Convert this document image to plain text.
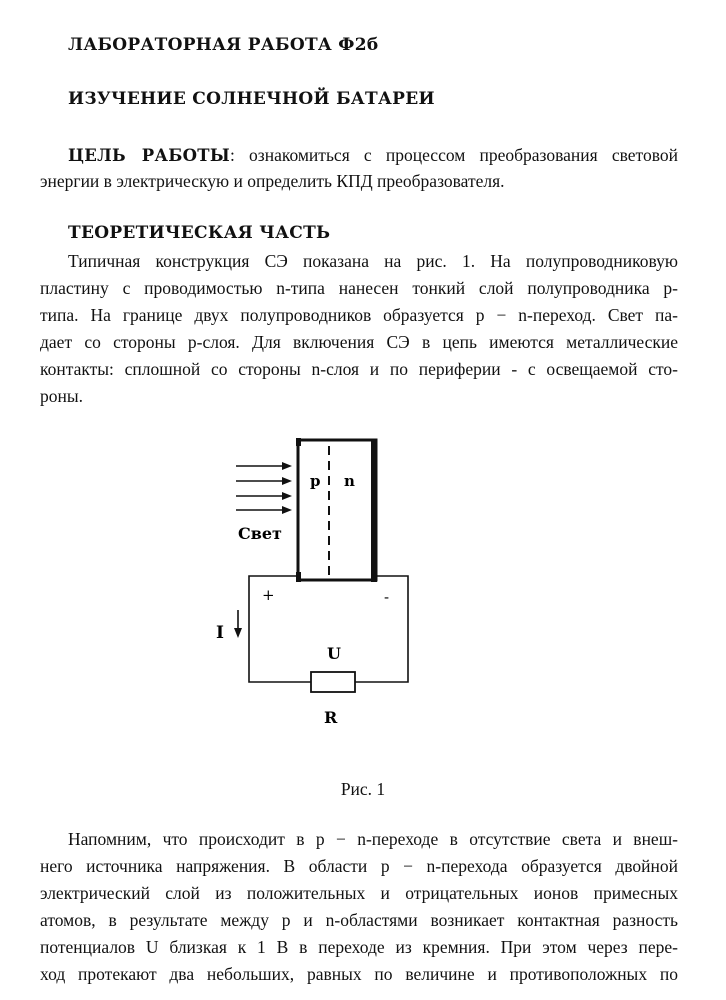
ЛАБОРАТОРНАЯ РАБОТА Ф2б
ИЗУЧЕНИЕ СОЛНЕЧНОЙ БАТАРЕИ

ЦЕЛЬ РАБОТЫ: ознакомиться с процессом преобразования световой

энергии в электрическую и определить КПД преобразователя.

ТЕОРЕТИЧЕСКАЯ ЧАСТЬ

Типичная конструкция СЭ показана на рис. 1. На полупроводниковую

пластину с проводимостью n-типа нанесен тонкий слой полупроводника p-

типа. На границе двух полупроводников образуется p − n-переход. Свет па-

дает со стороны p-слоя. Для включения СЭ в цепь имеются металлические

контакты: сплошной со стороны n-слоя и по периферии - с освещаемой сто-

роны.

Свет
p n
+	-
I
U
R
Рис. 1

Напомним, что происходит в p − n-переходе в отсутствие света и внеш-

него источника напряжения. В области p − n-перехода образуется двойной

электрический слой из положительных и отрицательных ионов примесных

атомов, в результате между p и n-областями возникает контактная разность

потенциалов U близкая к 1 В в переходе из кремния. При этом через пере-

ход протекают два небольших, равных по величине и противоположных по
